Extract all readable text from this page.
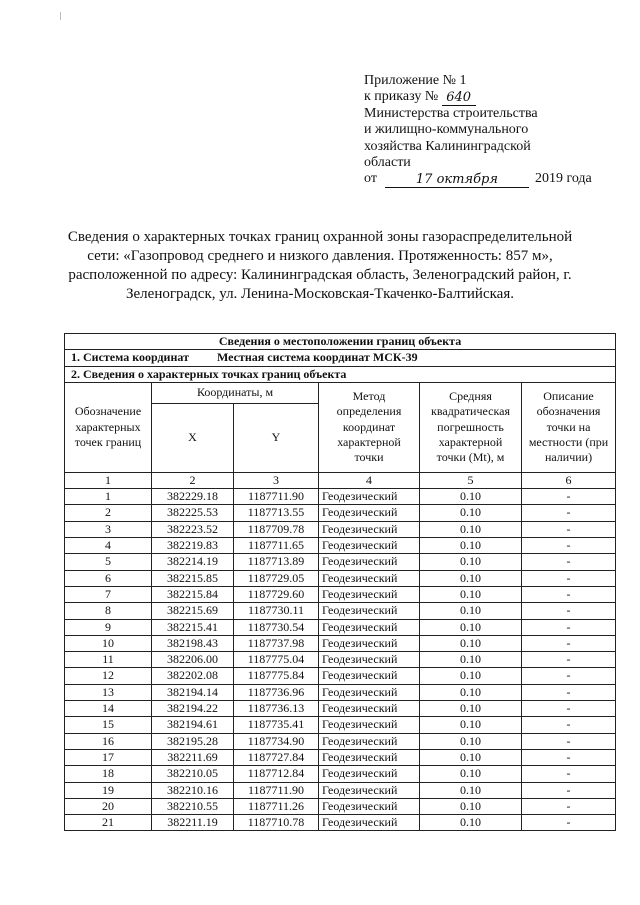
Приложение № 1
к приказу № 640
Министерства строительства
и жилищно-коммунального
хозяйства Калининградской
области
от	17 октября	2019 года
Сведения о характерных точках границ охранной зоны газораспределительной сети: «Газопровод среднего и низкого давления. Протяженность: 857 м», расположенной по адресу: Калининградская область, Зеленоградский район, г. Зеленоградск, ул. Ленина-Московская-Ткаченко-Балтийская.
Сведения о местоположении границ объекта					
1. Система координат Местная система координат МСК-39					
2. Сведения о характерных точках границ объекта					
Обозначение характерных точек границ	Координаты, м		Метод определения координат характерной точки	Средняя квадратическая погрешность характерной точки (Mt), м	Описание обозначения точки на местности (при наличии)
	X	Y			
1	2	3	4	5	6
1	382229.18	1187711.90	Геодезический	0.10	-
2	382225.53	1187713.55	Геодезический	0.10	-
3	382223.52	1187709.78	Геодезический	0.10	-
4	382219.83	1187711.65	Геодезический	0.10	-
5	382214.19	1187713.89	Геодезический	0.10	-
6	382215.85	1187729.05	Геодезический	0.10	-
7	382215.84	1187729.60	Геодезический	0.10	-
8	382215.69	1187730.11	Геодезический	0.10	-
9	382215.41	1187730.54	Геодезический	0.10	-
10	382198.43	1187737.98	Геодезический	0.10	-
11	382206.00	1187775.04	Геодезический	0.10	-
12	382202.08	1187775.84	Геодезический	0.10	-
13	382194.14	1187736.96	Геодезический	0.10	-
14	382194.22	1187736.13	Геодезический	0.10	-
15	382194.61	1187735.41	Геодезический	0.10	-
16	382195.28	1187734.90	Геодезический	0.10	-
17	382211.69	1187727.84	Геодезический	0.10	-
18	382210.05	1187712.84	Геодезический	0.10	-
19	382210.16	1187711.90	Геодезический	0.10	-
20	382210.55	1187711.26	Геодезический	0.10	-
21	382211.19	1187710.78	Геодезический	0.10	-
